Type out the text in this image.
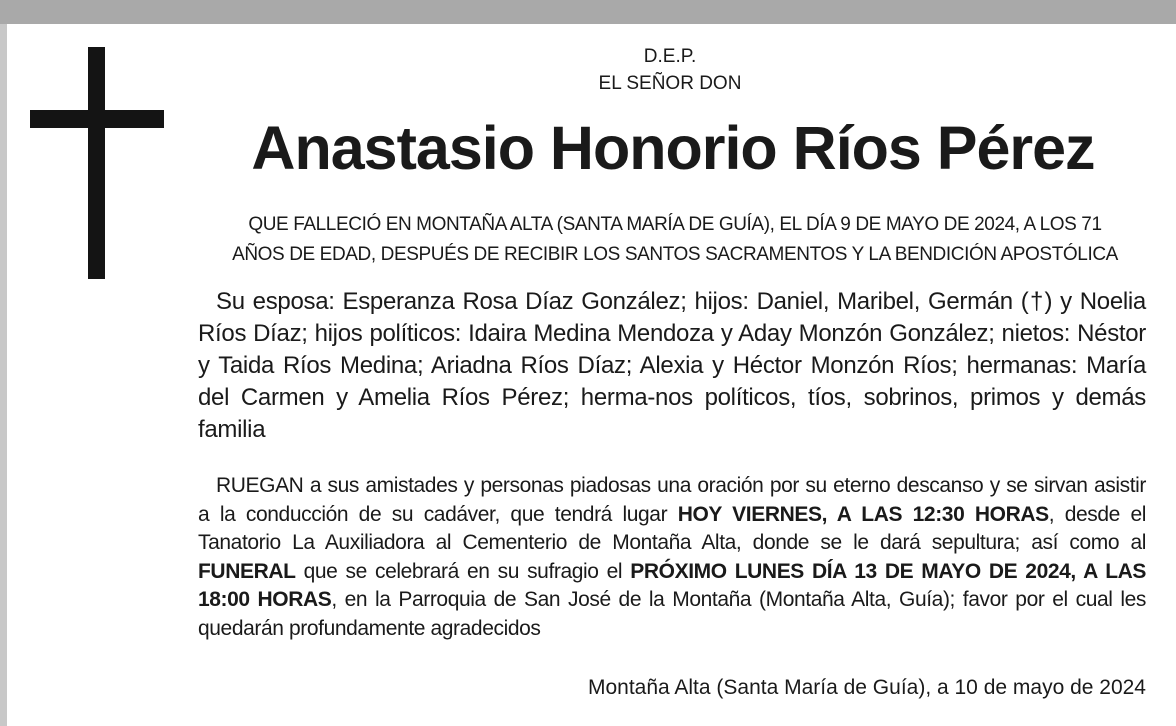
D.E.P.
EL SEÑOR DON
Anastasio Honorio Ríos Pérez
QUE FALLECIÓ EN MONTAÑA ALTA (SANTA MARÍA DE GUÍA), EL DÍA 9 DE MAYO DE 2024, A LOS 71
AÑOS DE EDAD, DESPUÉS DE RECIBIR LOS SANTOS SACRAMENTOS Y LA BENDICIÓN APOSTÓLICA
Su esposa: Esperanza Rosa Díaz González; hijos: Daniel, Maribel, Germán (†) y Noelia Ríos Díaz; hijos políticos: Idaira Medina Mendoza y Aday Monzón González; nietos: Néstor y Taida Ríos Medina; Ariadna Ríos Díaz; Alexia y Héctor Monzón Ríos; hermanas: María del Carmen y Amelia Ríos Pérez; herma-nos políticos, tíos, sobrinos, primos y demás familia
RUEGAN a sus amistades y personas piadosas una oración por su eterno descanso y se sirvan asistir a la conducción de su cadáver, que tendrá lugar HOY VIERNES, A LAS 12:30 HORAS, desde el Tanatorio La Auxiliadora al Cementerio de Montaña Alta, donde se le dará sepultura; así como al FUNERAL que se celebrará en su sufragio el PRÓXIMO LUNES DÍA 13 DE MAYO DE 2024, A LAS 18:00 HORAS, en la Parroquia de San José de la Montaña (Montaña Alta, Guía); favor por el cual les quedarán profundamente agradecidos
Montaña Alta (Santa María de Guía), a 10 de mayo de 2024
